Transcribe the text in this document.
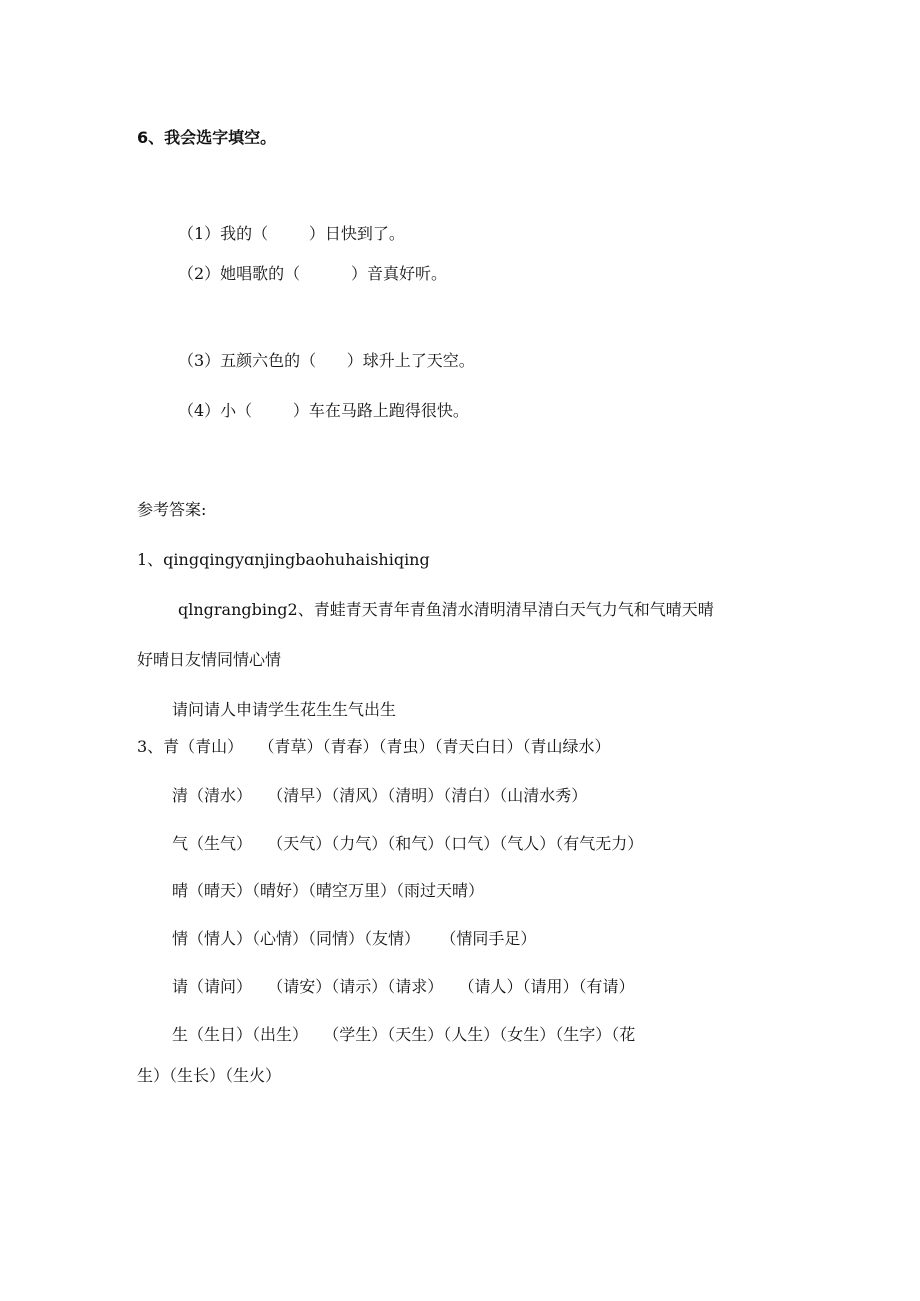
6、我会选字填空。
（1）我的（        ）日快到了。
（2）她唱歌的（          ）音真好听。
（3）五颜六色的（      ）球升上了天空。
（4）小（        ）车在马路上跑得很快。
参考答案:
1、qingqingyɑnjingbaohuhaishiqing
qlngrangbing2、青蛙青天青年青鱼清水清明清早清白天气力气和气晴天晴
好晴日友情同情心情
请问请人申请学生花生生气出生
3、青（青山）   （青草）（青春）（青虫）（青天白日）（青山绿水）
清（清水）   （清早）（清风）（清明）（清白）（山清水秀）
气（生气）   （天气）（力气）（和气）（口气）（气人）（有气无力）
晴（晴天）（晴好）（晴空万里）（雨过天晴）
情（情人）（心情）（同情）（友情）    （情同手足）
请（请问）   （请安）（请示）（请求）   （请人）（请用）（有请）
生（生日）（出生）   （学生）（天生）（人生）（女生）（生字）（花
生）（生长）（生火）
